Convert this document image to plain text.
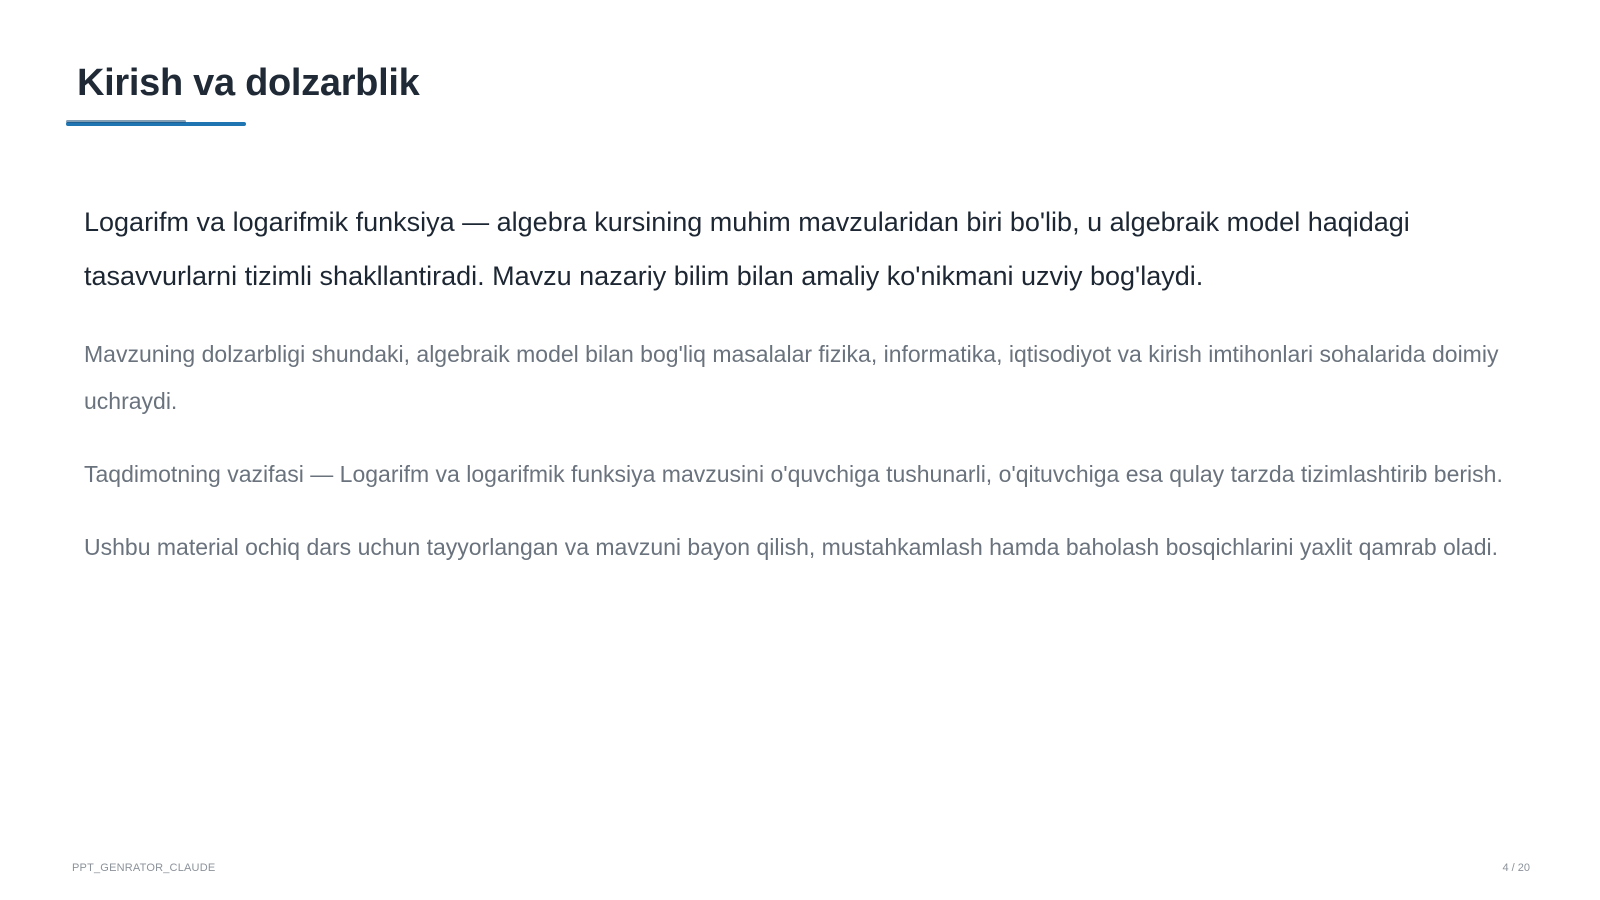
Kirish va dolzarblik

Logarifm va logarifmik funksiya — algebra kursining muhim mavzularidan biri bo'lib, u algebraik model haqidagi tasavvurlarni tizimli shakllantiradi. Mavzu nazariy bilim bilan amaliy ko'nikmani uzviy bog'laydi.

Mavzuning dolzarbligi shundaki, algebraik model bilan bog'liq masalalar fizika, informatika, iqtisodiyot va kirish imtihonlari sohalarida doimiy uchraydi.

Taqdimotning vazifasi — Logarifm va logarifmik funksiya mavzusini o'quvchiga tushunarli, o'qituvchiga esa qulay tarzda tizimlashtirib berish.

Ushbu material ochiq dars uchun tayyorlangan va mavzuni bayon qilish, mustahkamlash hamda baholash bosqichlarini yaxlit qamrab oladi.

PPT_GENRATOR_CLAUDE	4 / 20
